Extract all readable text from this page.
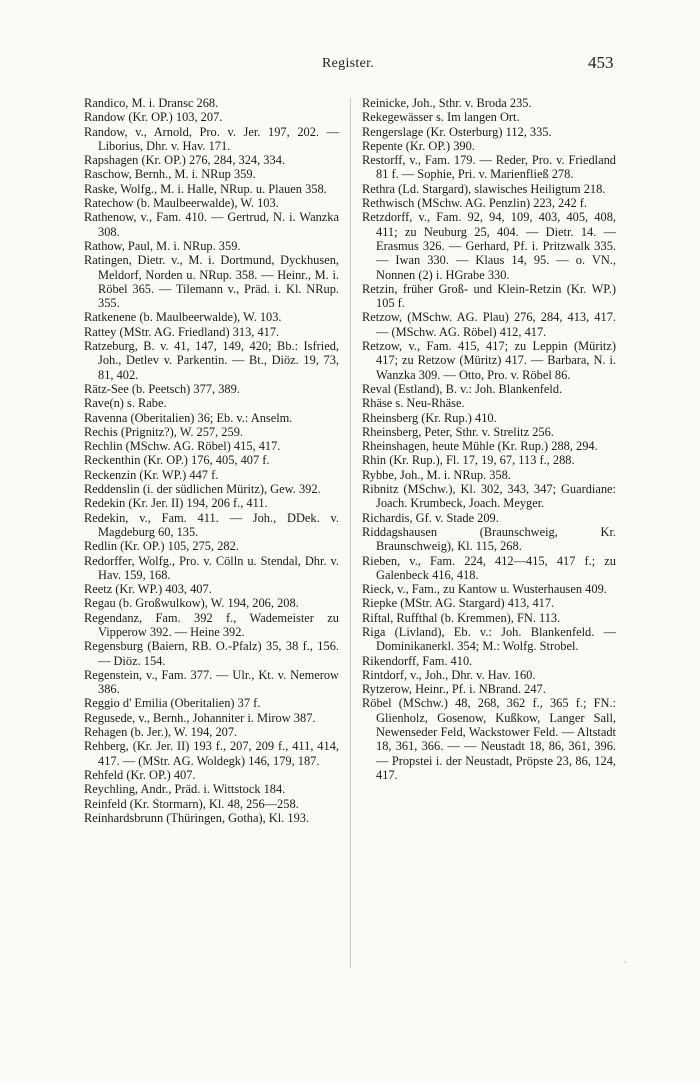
Register.	453

Randico, M. i. Dransc 268.

Randow (Kr. OP.) 103, 207.

Randow, v., Arnold, Pro. v. Jer. 197, 202. — Liborius, Dhr. v. Hav. 171.

Rapshagen (Kr. OP.) 276, 284, 324, 334.

Raschow, Bernh., M. i. NRup 359.

Raske, Wolfg., M. i. Halle, NRup. u. Plauen 358.

Ratechow (b. Maulbeerwalde), W. 103.

Rathenow, v., Fam. 410. — Gertrud, N. i. Wanzka 308.

Rathow, Paul, M. i. NRup. 359.

Ratingen, Dietr. v., M. i. Dortmund, Dyckhusen, Meldorf, Norden u. NRup. 358. — Heinr., M. i. Röbel 365. — Tilemann v., Präd. i. Kl. NRup. 355.

Ratkenene (b. Maulbeerwalde), W. 103.

Rattey (MStr. AG. Friedland) 313, 417.

Ratzeburg, B. v. 41, 147, 149, 420; Bb.: Isfried, Joh., Detlev v. Parkentin. — Bt., Diöz. 19, 73, 81, 402.

Rätz-See (b. Peetsch) 377, 389.

Rave(n) s. Rabe.

Ravenna (Oberitalien) 36; Eb. v.: Anselm.

Rechis (Prignitz?), W. 257, 259.

Rechlin (MSchw. AG. Röbel) 415, 417.

Reckenthin (Kr. OP.) 176, 405, 407 f.

Reckenzin (Kr. WP.) 447 f.

Reddenslin (i. der südlichen Müritz), Gew. 392.

Redekin (Kr. Jer. II) 194, 206 f., 411.

Redekin, v., Fam. 411. — Joh., DDek. v. Magdeburg 60, 135.

Redlin (Kr. OP.) 105, 275, 282.

Redorffer, Wolfg., Pro. v. Cölln u. Stendal, Dhr. v. Hav. 159, 168.

Reetz (Kr. WP.) 403, 407.

Regau (b. Großwulkow), W. 194, 206, 208.

Regendanz, Fam. 392 f., Wademeister zu Vipperow 392. — Heine 392.

Regensburg (Baiern, RB. O.-Pfalz) 35, 38 f., 156. — Diöz. 154.

Regenstein, v., Fam. 377. — Ulr., Kt. v. Nemerow 386.

Reggio d' Emilia (Oberitalien) 37 f.

Regusede, v., Bernh., Johanniter i. Mirow 387.

Rehagen (b. Jer.), W. 194, 207.

Rehberg, (Kr. Jer. II) 193 f., 207, 209 f., 411, 414, 417. — (MStr. AG. Woldegk) 146, 179, 187.

Rehfeld (Kr. OP.) 407.

Reychling, Andr., Präd. i. Wittstock 184.

Reinfeld (Kr. Stormarn), Kl. 48, 256—258.

Reinhardsbrunn (Thüringen, Gotha), Kl. 193.

Reinicke, Joh., Sthr. v. Broda 235.

Rekegewässer s. Im langen Ort.

Rengerslage (Kr. Osterburg) 112, 335.

Repente (Kr. OP.) 390.

Restorff, v., Fam. 179. — Reder, Pro. v. Friedland 81 f. — Sophie, Pri. v. Marienfließ 278.

Rethra (Ld. Stargard), slawisches Heiligtum 218.

Rethwisch (MSchw. AG. Penzlin) 223, 242 f.

Retzdorff, v., Fam. 92, 94, 109, 403, 405, 408, 411; zu Neuburg 25, 404. — Dietr. 14. — Erasmus 326. — Gerhard, Pf. i. Pritzwalk 335. — Iwan 330. — Klaus 14, 95. — o. VN., Nonnen (2) i. HGrabe 330.

Retzin, früher Groß- und Klein-Retzin (Kr. WP.) 105 f.

Retzow, (MSchw. AG. Plau) 276, 284, 413, 417. — (MSchw. AG. Röbel) 412, 417.

Retzow, v., Fam. 415, 417; zu Leppin (Müritz) 417; zu Retzow (Müritz) 417. — Barbara, N. i. Wanzka 309. — Otto, Pro. v. Röbel 86.

Reval (Estland), B. v.: Joh. Blankenfeld.

Rhäse s. Neu-Rhäse.

Rheinsberg (Kr. Rup.) 410.

Rheinsberg, Peter, Sthr. v. Strelitz 256.

Rheinshagen, heute Mühle (Kr. Rup.) 288, 294.

Rhin (Kr. Rup.), Fl. 17, 19, 67, 113 f., 288.

Rybbe, Joh., M. i. NRup. 358.

Ribnitz (MSchw.), Kl. 302, 343, 347; Guardiane: Joach. Krumbeck, Joach. Meyger.

Richardis, Gf. v. Stade 209.

Riddagshausen (Braunschweig, Kr. Braunschweig), Kl. 115, 268.

Rieben, v., Fam. 224, 412—415, 417 f.; zu Galenbeck 416, 418.

Rieck, v., Fam., zu Kantow u. Wusterhausen 409.

Riepke (MStr. AG. Stargard) 413, 417.

Riftal, Ruffthal (b. Kremmen), FN. 113.

Riga (Livland), Eb. v.: Joh. Blankenfeld. — Dominikanerkl. 354; M.: Wolfg. Strobel.

Rikendorff, Fam. 410.

Rintdorf, v., Joh., Dhr. v. Hav. 160.

Rytzerow, Heinr., Pf. i. NBrand. 247.

Röbel (MSchw.) 48, 268, 362 f., 365 f.; FN.: Glienholz, Gosenow, Kußkow, Langer Sall, Newenseder Feld, Wackstower Feld. — Altstadt 18, 361, 366. — — Neustadt 18, 86, 361, 396. — Propstei i. der Neustadt, Pröpste 23, 86, 124, 417.

·
